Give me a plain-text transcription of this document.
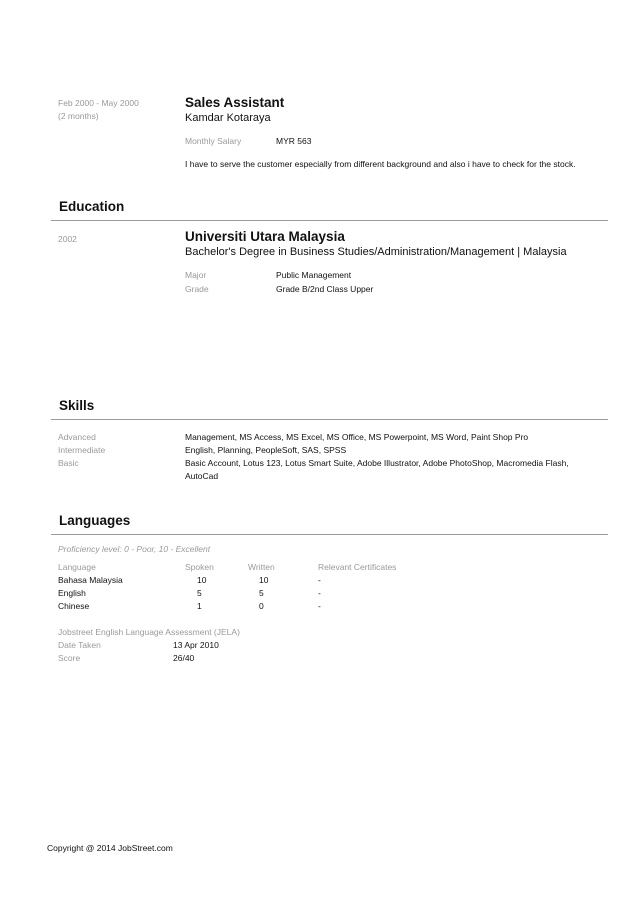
Feb 2000 - May 2000
(2 months)
Sales Assistant
Kamdar Kotaraya
Monthly Salary	MYR 563
I have to serve the customer especially from different background and also i have to check for the stock.
Education
2002	Universiti Utara Malaysia
Bachelor's Degree in Business Studies/Administration/Management | Malaysia
Major	Public Management
Grade	Grade B/2nd Class Upper
Skills
Advanced	Management, MS Access, MS Excel, MS Office, MS Powerpoint, MS Word, Paint Shop Pro
Intermediate	English, Planning, PeopleSoft, SAS, SPSS
Basic	Basic Account, Lotus 123, Lotus Smart Suite, Adobe Illustrator, Adobe PhotoShop, Macromedia Flash,
AutoCad
Languages
Proficiency level: 0 - Poor, 10 - Excellent
Language	Spoken	Written	Relevant Certificates
Bahasa Malaysia	10	10	-
English	5	5	-
Chinese	1	0	-
Jobstreet English Language Assessment (JELA)
Date Taken	13 Apr 2010
Score	26/40
Copyright @ 2014 JobStreet.com
